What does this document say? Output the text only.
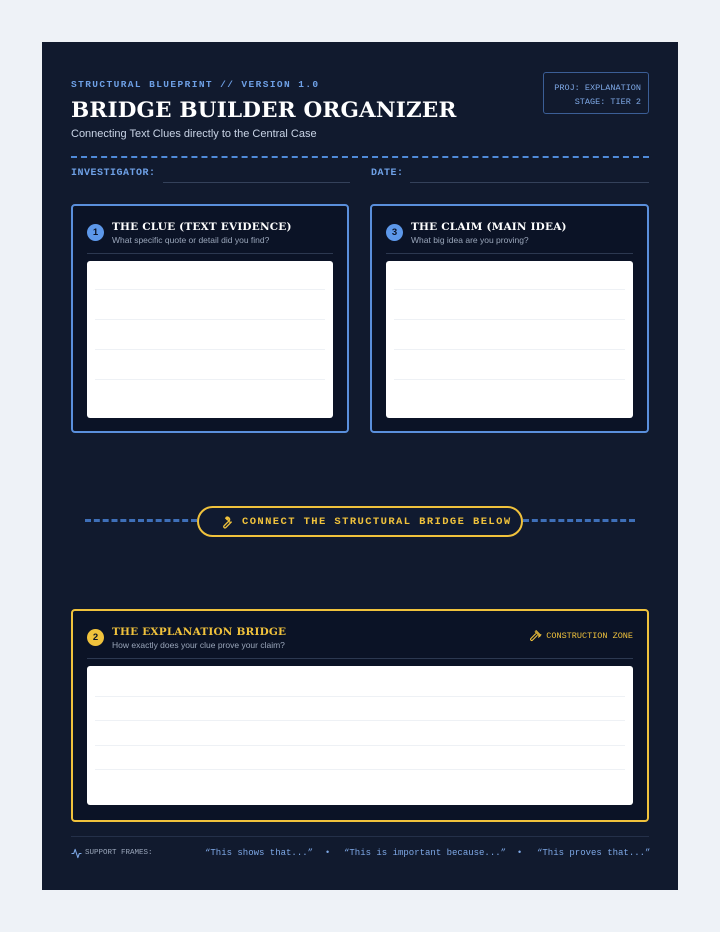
STRUCTURAL BLUEPRINT // VERSION 1.0
BRIDGE BUILDER ORGANIZER
Connecting Text Clues directly to the Central Case
PROJ: EXPLANATION
STAGE: TIER 2
INVESTIGATOR:	DATE:
1	THE CLUE (TEXT EVIDENCE)
What specific quote or detail did you find?
3	THE CLAIM (MAIN IDEA)
What big idea are you proving?
CONNECT THE STRUCTURAL BRIDGE BELOW
2	THE EXPLANATION BRIDGE
How exactly does your clue prove your claim?
CONSTRUCTION ZONE
SUPPORT FRAMES:	“This shows that...” • “This is important because...” • “This proves that...”
